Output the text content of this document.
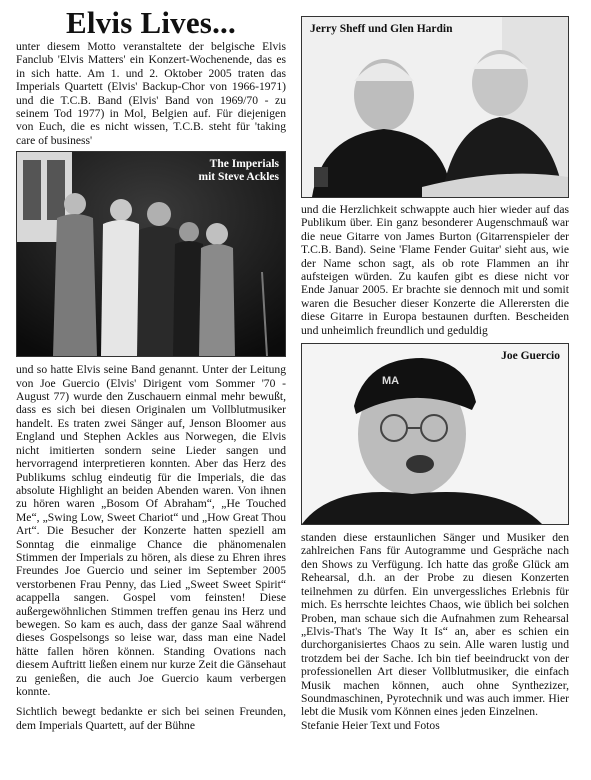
Elvis Lives...

unter diesem Motto veranstaltete der belgische Elvis Fanclub 'Elvis Matters' ein Konzert-Wochenende, das es in sich hatte. Am 1. und 2. Oktober 2005 traten das Imperials Quartett (Elvis' Backup-Chor von 1966-1971) und die T.C.B. Band (Elvis' Band von 1969/70 - zu seinem Tod 1977) in Mol, Belgien auf. Für diejenigen von Euch, die es nicht wissen, T.C.B. steht für 'taking care of business'

The Imperials
mit Steve Ackles

und so hatte Elvis seine Band genannt. Unter der Leitung von Joe Guercio (Elvis' Dirigent vom Sommer '70 - August 77) wurde den Zuschauern einmal mehr bewußt, dass es sich bei diesen Originalen um Vollblutmusiker handelt. Es traten zwei Sänger auf, Jenson Bloomer aus England und Stephen Ackles aus Norwegen, die Elvis nicht imitierten sondern seine Lieder sangen und hervorragend interpretieren konnten. Aber das Herz des Publikums schlug eindeutig für die Imperials, die das absolute Highlight an beiden Abenden waren. Von ihnen zu hören waren „Bosom Of Abraham“, „He Touched Me“, „Swing Low, Sweet Chariot“ und „How Great Thou Art“. Die Besucher der Konzerte hatten speziell am Sonntag die einmalige Chance die phänomenalen Stimmen der Imperials zu hören, als diese zu Ehren ihres Freundes Joe Guercio und seiner im September 2005 verstorbenen Frau Penny, das Lied „Sweet Sweet Spirit“ acappella sangen. Gospel vom feinsten! Diese außergewöhnlichen Stimmen treffen genau ins Herz und bewegen. So kam es auch, dass der ganze Saal während dieses Gospelsongs so leise war, dass man eine Nadel hätte fallen hören können. Standing Ovations nach diesem Auftritt ließen einem nur kurze Zeit die Gänsehaut zu genießen, die auch Joe Guercio kaum verbergen konnte.

Sichtlich bewegt bedankte er sich bei seinen Freunden, dem Imperials Quartett, auf der Bühne

Jerry Sheff und Glen Hardin

und die Herzlichkeit schwappte auch hier wieder auf das Publikum über. Ein ganz besonderer Augenschmauß war die neue Gitarre von James Burton (Gitarrenspieler der T.C.B. Band). Seine 'Flame Fender Guitar' sieht aus, wie der Name schon sagt, als ob rote Flammen an ihr aufsteigen würden. Zu kaufen gibt es diese nicht vor Ende Januar 2005. Er brachte sie dennoch mit und somit waren die Besucher dieser Konzerte die Allerersten die diese Gitarre in Europa bestaunen durften. Bescheiden und unheimlich freundlich und geduldig

MA
Joe Guercio

standen diese erstaunlichen Sänger und Musiker den zahlreichen Fans für Autogramme und Gespräche nach den Shows zu Verfügung. Ich hatte das große Glück am Rehearsal, d.h. an der Probe zu diesen Konzerten teilnehmen zu dürfen. Ein unvergessliches Erlebnis für mich. Es herrschte leichtes Chaos, wie üblich bei solchen Proben, man schaue sich die Aufnahmen zum Rehearsal „Elvis-That's The Way It Is“ an, aber es schien ein durchorganisiertes Chaos zu sein. Alle waren lustig und trotzdem bei der Sache. Ich bin tief beeindruckt von der professionellen Art dieser Vollblutmusiker, die einfach Musik machen können, auch ohne Synthezizer, Soundmaschinen, Pyrotechnik und was auch immer. Hier lebt die Musik vom Können eines jeden Einzelnen.

Stefanie Heier Text und Fotos
